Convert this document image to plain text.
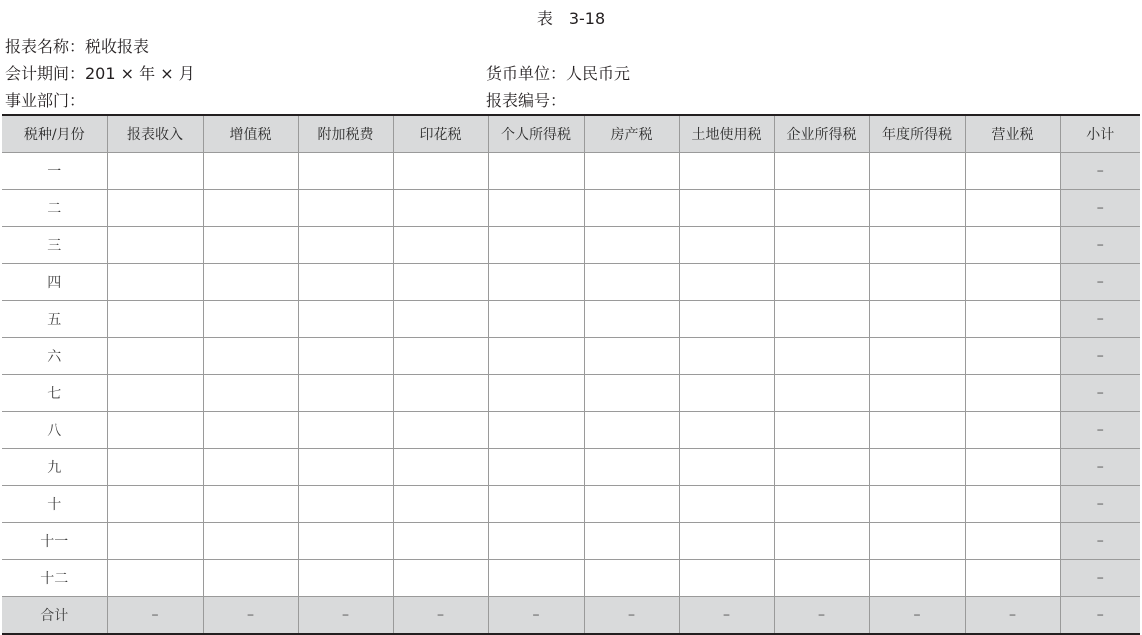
表　3-18
报表名称：税收报表
会计期间：201 × 年 × 月	货币单位：人民币元
事业部门：	报表编号：
税种/月份	报表收入	增值税	附加税费	印花税	个人所得税	房产税	土地使用税	企业所得税	年度所得税	营业税	小计
一											–
二											–
三											–
四											–
五											–
六											–
七											–
八											–
九											–
十											–
十一											–
十二											–
合计	–	–	–	–	–	–	–	–	–	–	–
